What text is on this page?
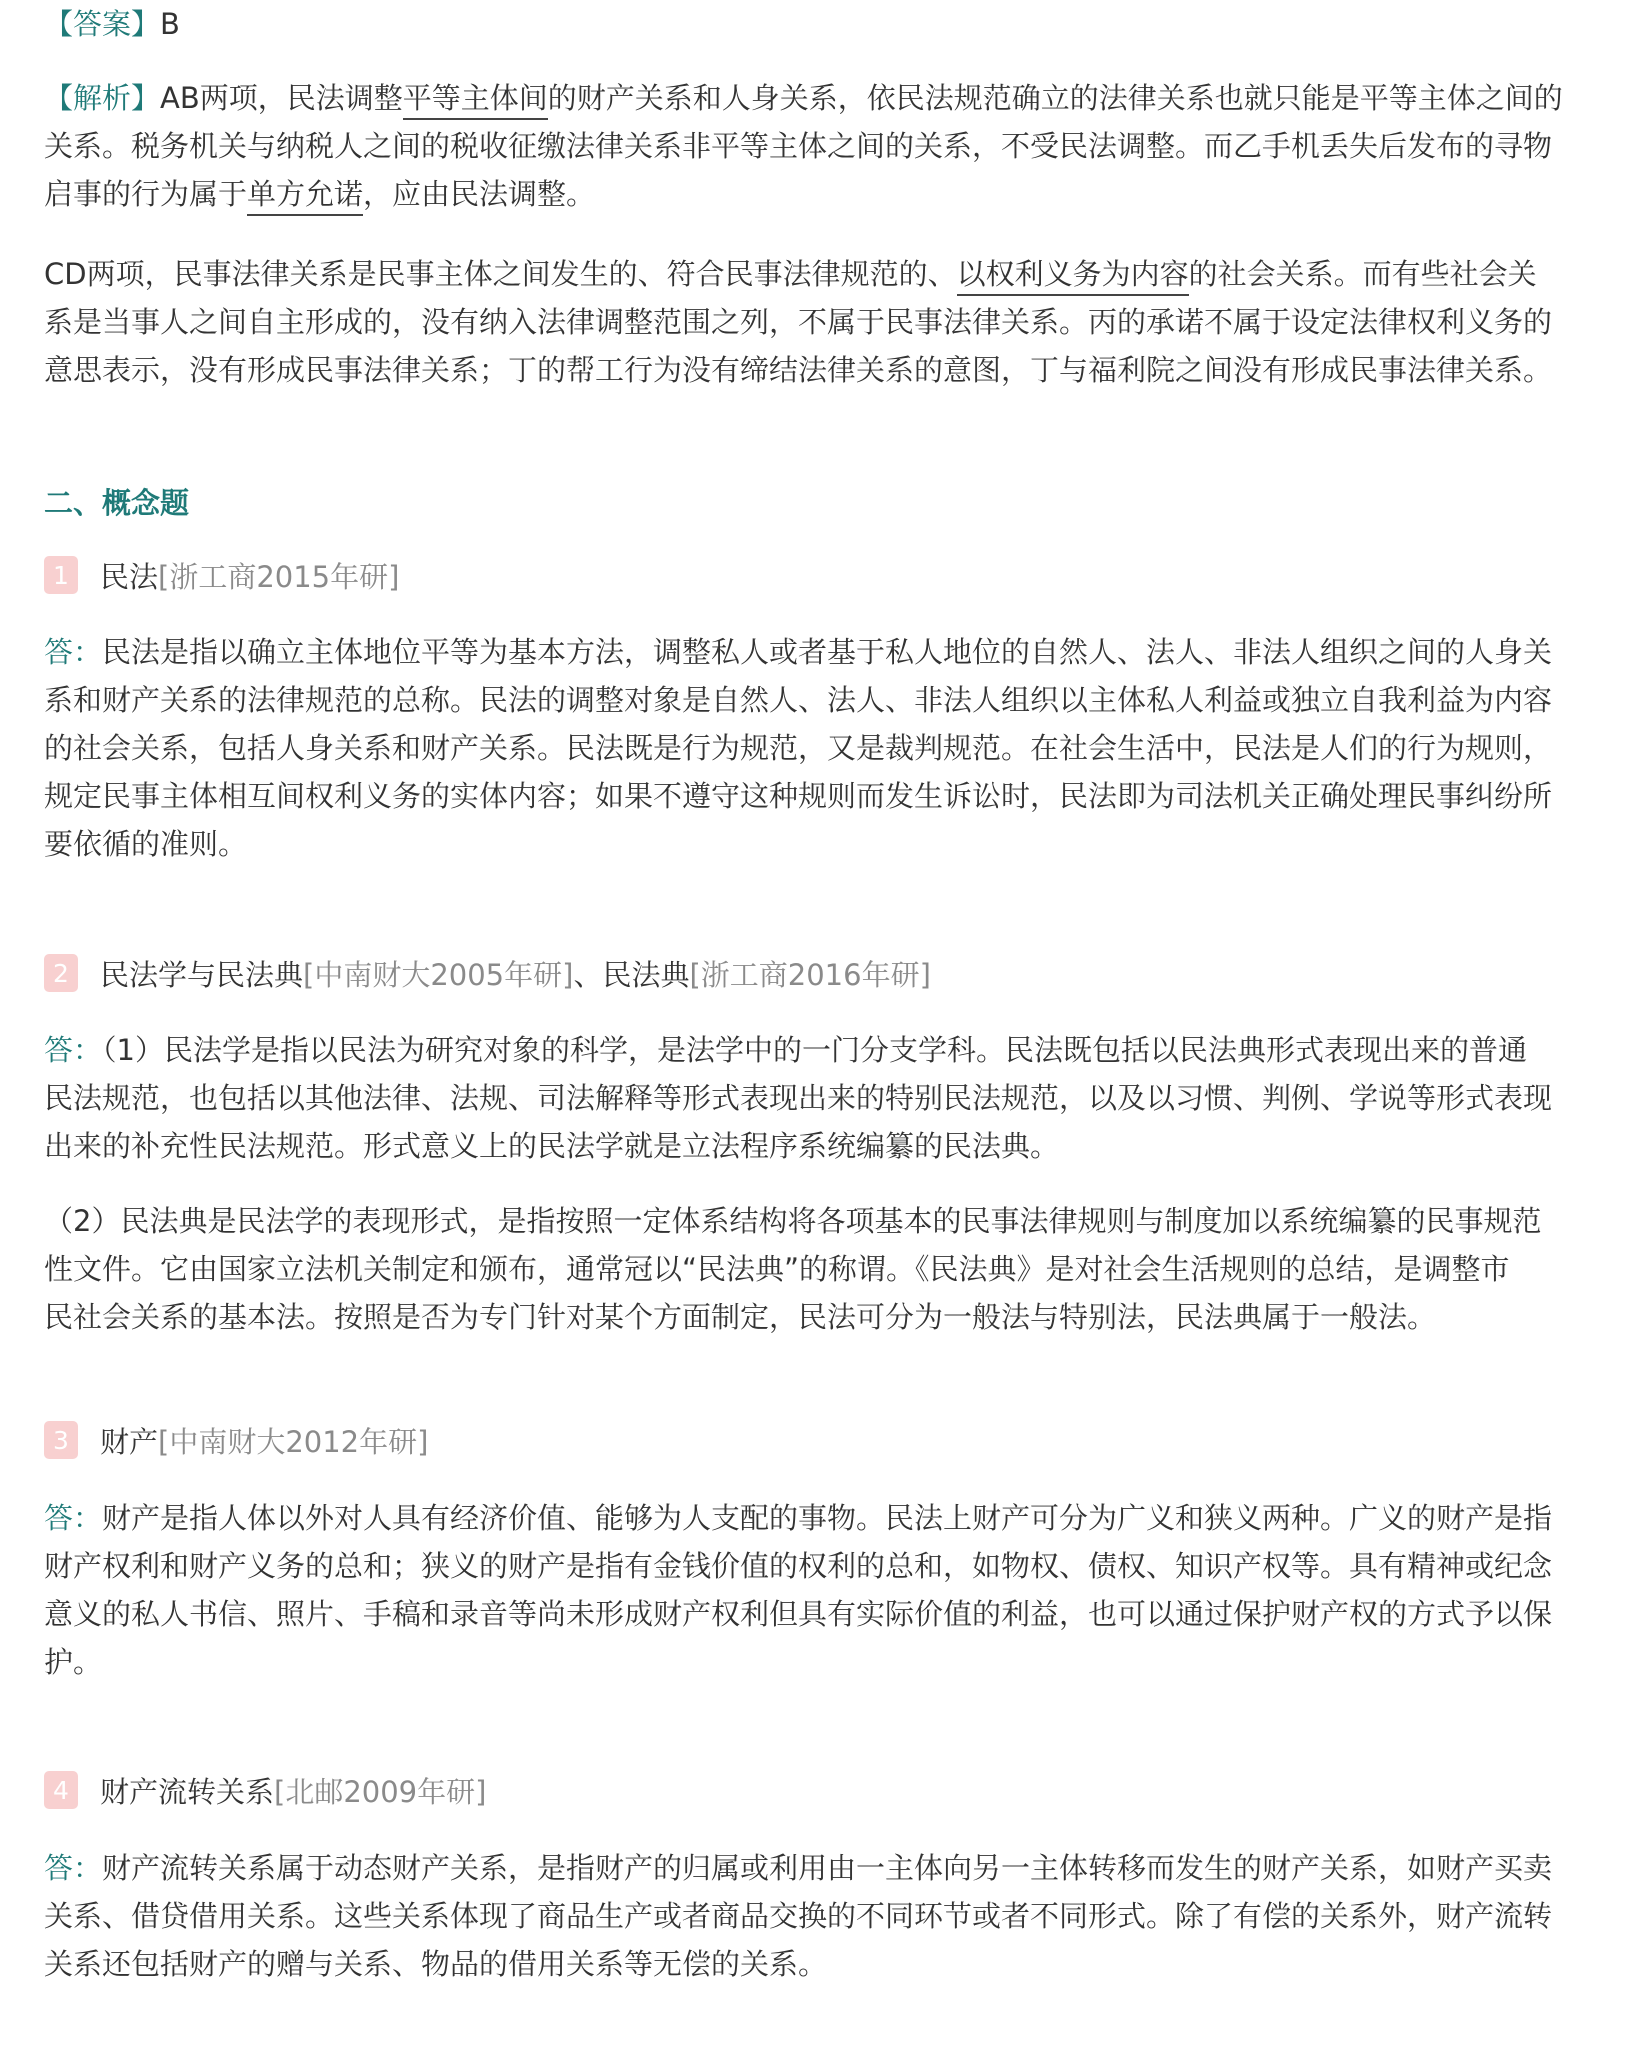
【答案】B

【解析】AB两项，民法调整平等主体间的财产关系和人身关系，依民法规范确立的法律关系也就只能是平等主体之间的
关系。税务机关与纳税人之间的税收征缴法律关系非平等主体之间的关系，不受民法调整。而乙手机丢失后发布的寻物
启事的行为属于单方允诺，应由民法调整。
CD两项，民事法律关系是民事主体之间发生的、符合民事法律规范的、以权利义务为内容的社会关系。而有些社会关
系是当事人之间自主形成的，没有纳入法律调整范围之列，不属于民事法律关系。丙的承诺不属于设定法律权利义务的
意思表示，没有形成民事法律关系；丁的帮工行为没有缔结法律关系的意图，丁与福利院之间没有形成民事法律关系。
二、概念题
1	民法 [浙工商2015年研]
答：民法是指以确立主体地位平等为基本方法，调整私人或者基于私人地位的自然人、法人、非法人组织之间的人身关
系和财产关系的法律规范的总称。民法的调整对象是自然人、法人、非法人组织以主体私人利益或独立自我利益为内容
的社会关系，包括人身关系和财产关系。民法既是行为规范，又是裁判规范。在社会生活中，民法是人们的行为规则，
规定民事主体相互间权利义务的实体内容；如果不遵守这种规则而发生诉讼时，民法即为司法机关正确处理民事纠纷所
要依循的准则。
2	民法学与民法典 [中南财大2005年研] 、民法典 [浙工商2016年研]
答：（1）民法学是指以民法为研究对象的科学，是法学中的一门分支学科。民法既包括以民法典形式表现出来的普通
民法规范，也包括以其他法律、法规、司法解释等形式表现出来的特别民法规范，以及以习惯、判例、学说等形式表现
出来的补充性民法规范。形式意义上的民法学就是立法程序系统编纂的民法典。
（2）民法典是民法学的表现形式，是指按照一定体系结构将各项基本的民事法律规则与制度加以系统编纂的民事规范
性文件。它由国家立法机关制定和颁布，通常冠以“民法典”的称谓。《民法典》是对社会生活规则的总结，是调整市
民社会关系的基本法。按照是否为专门针对某个方面制定，民法可分为一般法与特别法，民法典属于一般法。
3	财产 [中南财大2012年研]
答：财产是指人体以外对人具有经济价值、能够为人支配的事物。民法上财产可分为广义和狭义两种。广义的财产是指
财产权利和财产义务的总和；狭义的财产是指有金钱价值的权利的总和，如物权、债权、知识产权等。具有精神或纪念
意义的私人书信、照片、手稿和录音等尚未形成财产权利但具有实际价值的利益，也可以通过保护财产权的方式予以保
护。
4	财产流转关系 [北邮2009年研]
答：财产流转关系属于动态财产关系，是指财产的归属或利用由一主体向另一主体转移而发生的财产关系，如财产买卖
关系、借贷借用关系。这些关系体现了商品生产或者商品交换的不同环节或者不同形式。除了有偿的关系外，财产流转
关系还包括财产的赠与关系、物品的借用关系等无偿的关系。
